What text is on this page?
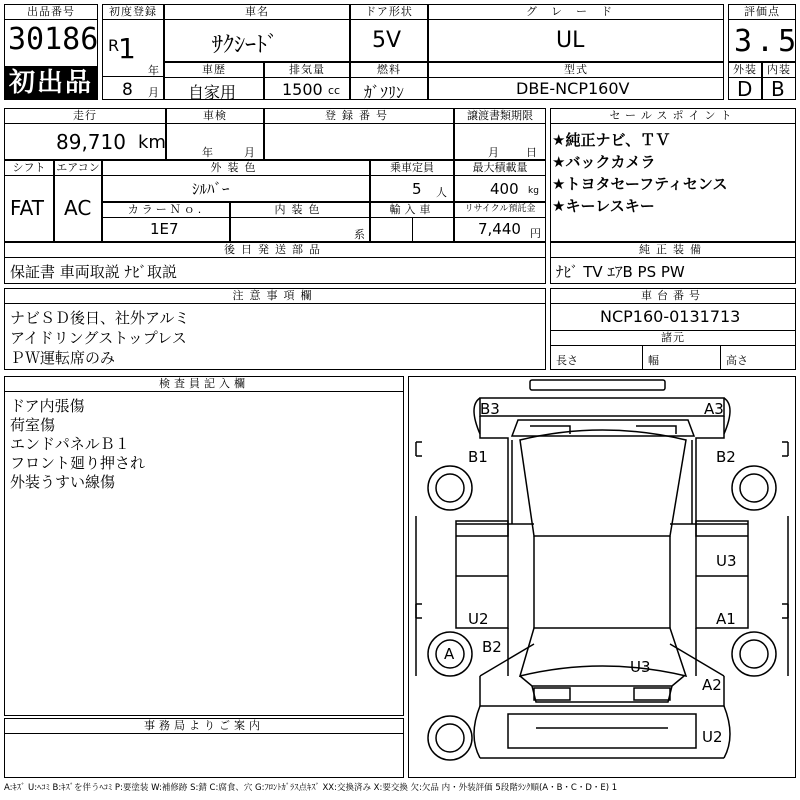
出品番号
30186
初出品
初度登録
R
1
年
8 月
車名
ｻｸｼｰﾄﾞ
ドア形状
5V
グレード
UL
評価点
3.5
車歴
自家用
排気量
1500 cc
燃料
ｶﾞｿﾘﾝ
型式
DBE-NCP160V
外装
D
内装
B
走行
89,710 km
車検
年	月
登録番号	譲渡書類期限
月 日
シフト
FAT
エアコン
AC
外装色
ｼﾙﾊﾞｰ
乗車定員
5 人
最大積載量
400 kg
カラーＮｏ.
1E7
内装色
系
輸入車	リサイクル預託金
7,440 円
後日発送部品
保証書 車両取説 ﾅﾋﾞ取説
セールスポイント
★純正ナビ、ＴＶ
★バックカメラ
★トヨタセーフティセンス
★キーレスキー
純正装備
ﾅﾋﾞ TV ｴｱB PS PW
注意事項欄
ナビＳＤ後日、社外アルミ
アイドリングストップレス
ＰＷ運転席のみ
車台番号
NCP160-0131713
諸元
長さ	幅	高さ
検査員記入欄
ドア内張傷
荷室傷
エンドパネルＢ１
フロント廻り押され
外装うすい線傷
事務局よりご案内
B3	A3
B1	B2
U3
U2	A1
A B2
U3
A2
U2
A:ｷｽﾞ U:ﾍｺﾐ B:ｷｽﾞを伴うﾍｺﾐ P:要塗装 W:補修跡 S:錆 C:腐食、穴 G:ﾌﾛﾝﾄｶﾞﾗｽ点ｷｽﾞ XX:交換済み X:要交換 欠:欠品 内・外装評価 5段階ﾗﾝｸ順(A・B・C・D・E) 1
